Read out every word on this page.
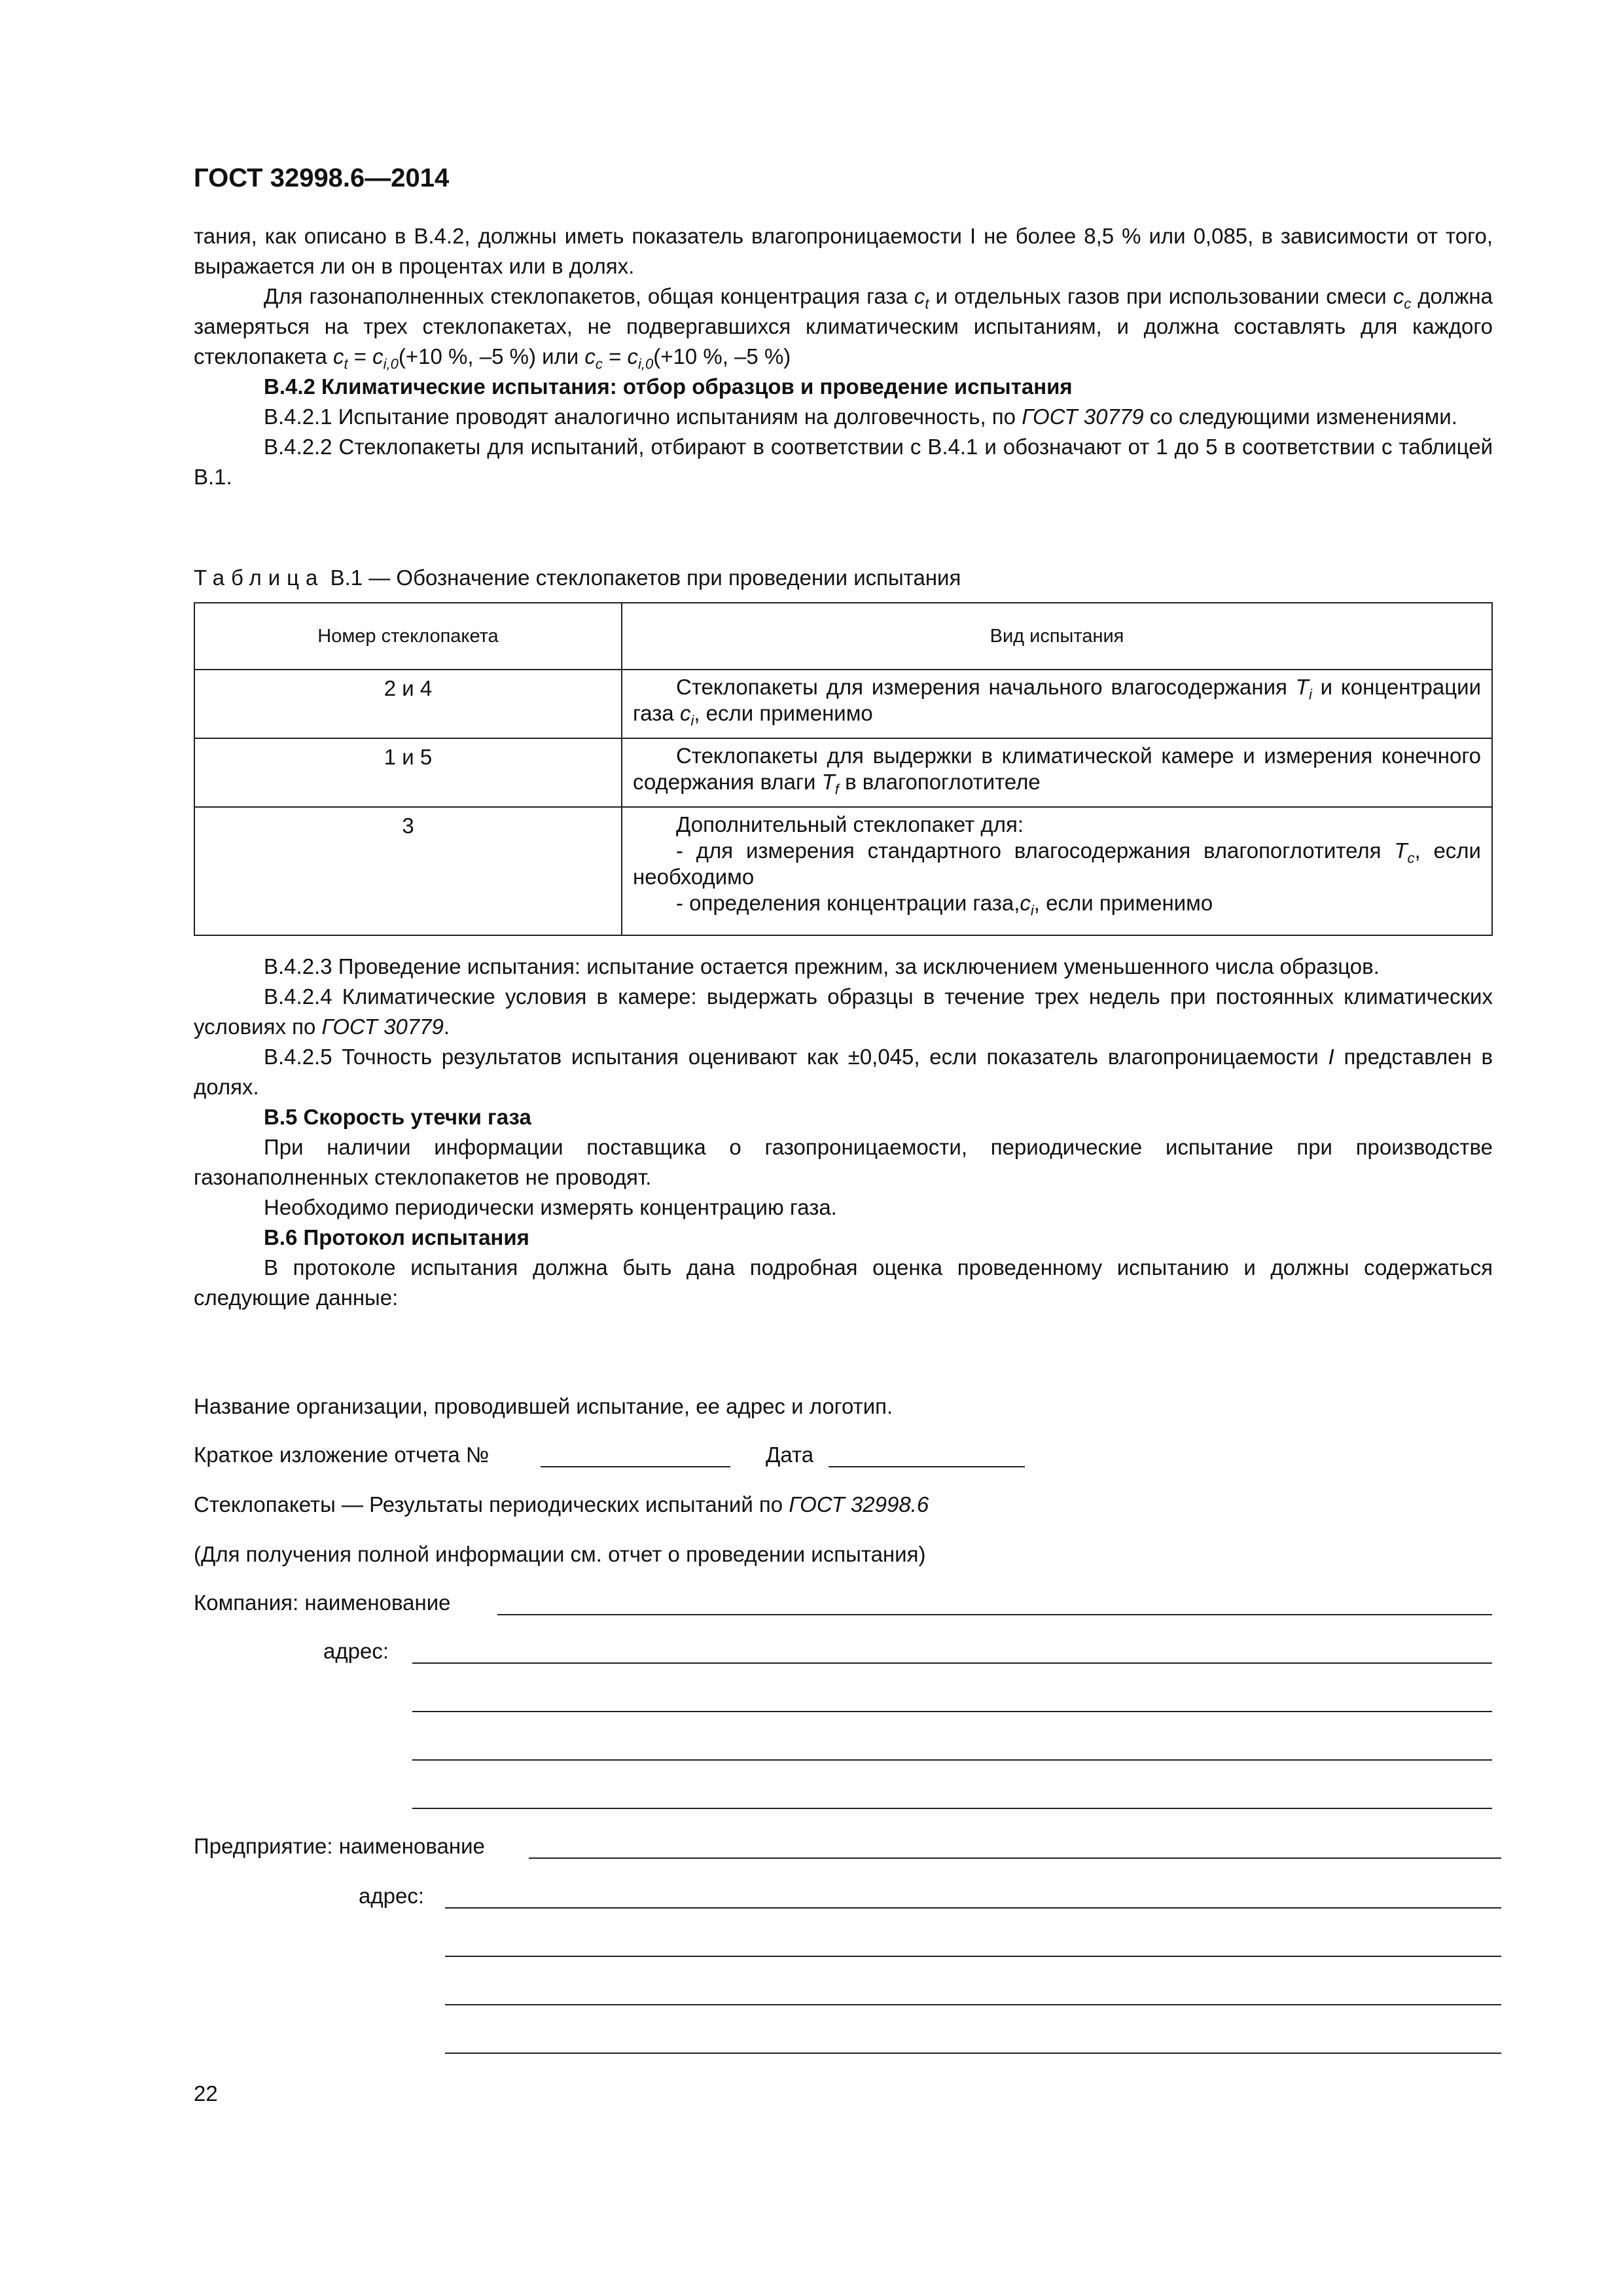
ГОСТ 32998.6—2014

тания, как описано в В.4.2, должны иметь показатель влагопроницаемости I не более 8,5 % или 0,085, в зависимости от того, выражается ли он в процентах или в долях.

Для газонаполненных стеклопакетов, общая концентрация газа $c_t$ и отдельных газов при использовании смеси $c_c$ должна замеряться на трех стеклопакетах, не подвергавшихся климатическим испытаниям, и должна составлять для каждого стеклопакета $c_t = c_{i,0}(+10$ %, –5 %) или $c_c = c_{i,0}(+10$ %, –5 %)

В.4.2 Климатические испытания: отбор образцов и проведение испытания

В.4.2.1 Испытание проводят аналогично испытаниям на долговечность, по ГОСТ 30779 со следующими изменениями.

В.4.2.2 Стеклопакеты для испытаний, отбирают в соответствии с В.4.1 и обозначают от 1 до 5 в соответствии с таблицей В.1.

Таблица В.1 — Обозначение стеклопакетов при проведении испытания
Номер стеклопакета	Вид испытания
2 и 4	Стеклопакеты для измерения начального влагосодержания $T_i$ и концентрации газа $c_i$, если применимо

1 и 5	Стеклопакеты для выдержки в климатической камере и измерения конечного содержания влаги $T_f$ в влагопоглотителе

3	Дополнительный стеклопакет для:
- для измерения стандартного влагосодержания влагопоглотителя $T_c$, если необходимо
- определения концентрации $газа,c_i$, если применимо

В.4.2.3 Проведение испытания: испытание остается прежним, за исключением уменьшенного числа образцов.

В.4.2.4 Климатические условия в камере: выдержать образцы в течение трех недель при постоянных климатических условиях по ГОСТ 30779.

В.4.2.5 Точность результатов испытания оценивают как ±0,045, если показатель влагопроницаемости I представлен в долях.

В.5 Скорость утечки газа

При наличии информации поставщика о газопроницаемости, периодические испытание при производстве газонаполненных стеклопакетов не проводят.

Необходимо периодически измерять концентрацию газа.

В.6 Протокол испытания

В протоколе испытания должна быть дана подробная оценка проведенному испытанию и должны содержаться следующие данные:

Название организации, проводившей испытание, ее адрес и логотип.
Краткое изложение отчета №	Дата
Стеклопакеты — Результаты периодических испытаний по ГОСТ 32998.6
(Для получения полной информации см. отчет о проведении испытания)
Компания: наименование
адрес:
Предприятие: наименование
адрес:
22
